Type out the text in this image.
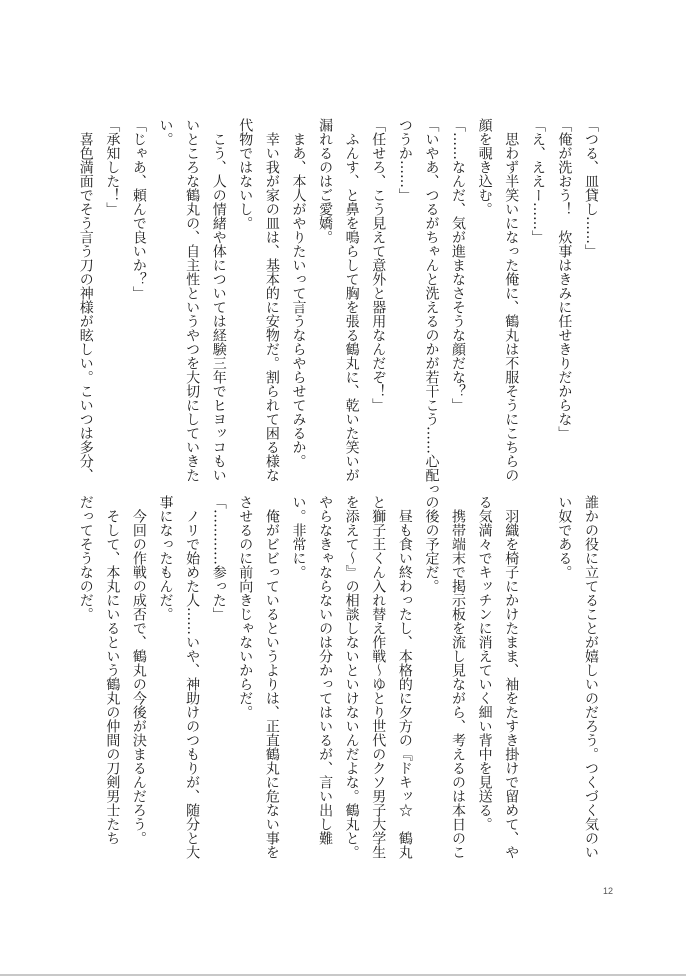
「つる、皿貸し……」
「俺が洗おう！　炊事はきみに任せきりだからな」
「え、ええー……」
　思わず半笑いになった俺に、鶴丸は不服そうにこちらの
顔を覗き込む。
「……なんだ、気が進まなさそうな顔だな？」
「いやあ、つるがちゃんと洗えるのかが若干こう……心配っ
つうか……」
「任せろ、こう見えて意外と器用なんだぞ！」
　ふんす、と鼻を鳴らして胸を張る鶴丸に、乾いた笑いが
漏れるのはご愛嬌。
　まあ、本人がやりたいって言うならやらせてみるか。
　幸い我が家の皿は、基本的に安物だ。割られて困る様な
代物ではないし。
　こう、人の情緒や体については経験三年でヒヨッコもい
いところな鶴丸の、自主性というやつを大切にしていきた
い。
「じゃあ、頼んで良いか？」
「承知した！」
　喜色満面でそう言う刀の神様が眩しい。こいつは多分、
誰かの役に立てることが嬉しいのだろう。つくづく気のい
い奴である。

　羽織を椅子にかけたまま、袖をたすき掛けで留めて、や
る気満々でキッチンに消えていく細い背中を見送る。
　携帯端末で掲示板を流し見ながら、考えるのは本日のこ
の後の予定だ。
　昼も食い終わったし、本格的に夕方の『ドキッ☆　鶴丸
と獅子王くん入れ替え作戦～ゆとり世代のクソ男子大学生
を添えて～』の相談しないといけないんだよな。鶴丸と。
やらなきゃならないのは分かってはいるが、言い出し難
い。非常に。
　俺がビビっているというよりは、正直鶴丸に危ない事を
させるのに前向きじゃないからだ。
「…………参った」
　ノリで始めた人……いや、神助けのつもりが、随分と大
事になったもんだ。
　今回の作戦の成否で、鶴丸の今後が決まるんだろう。
　そして、本丸にいるという鶴丸の仲間の刀剣男士たち
だってそうなのだ。
12
